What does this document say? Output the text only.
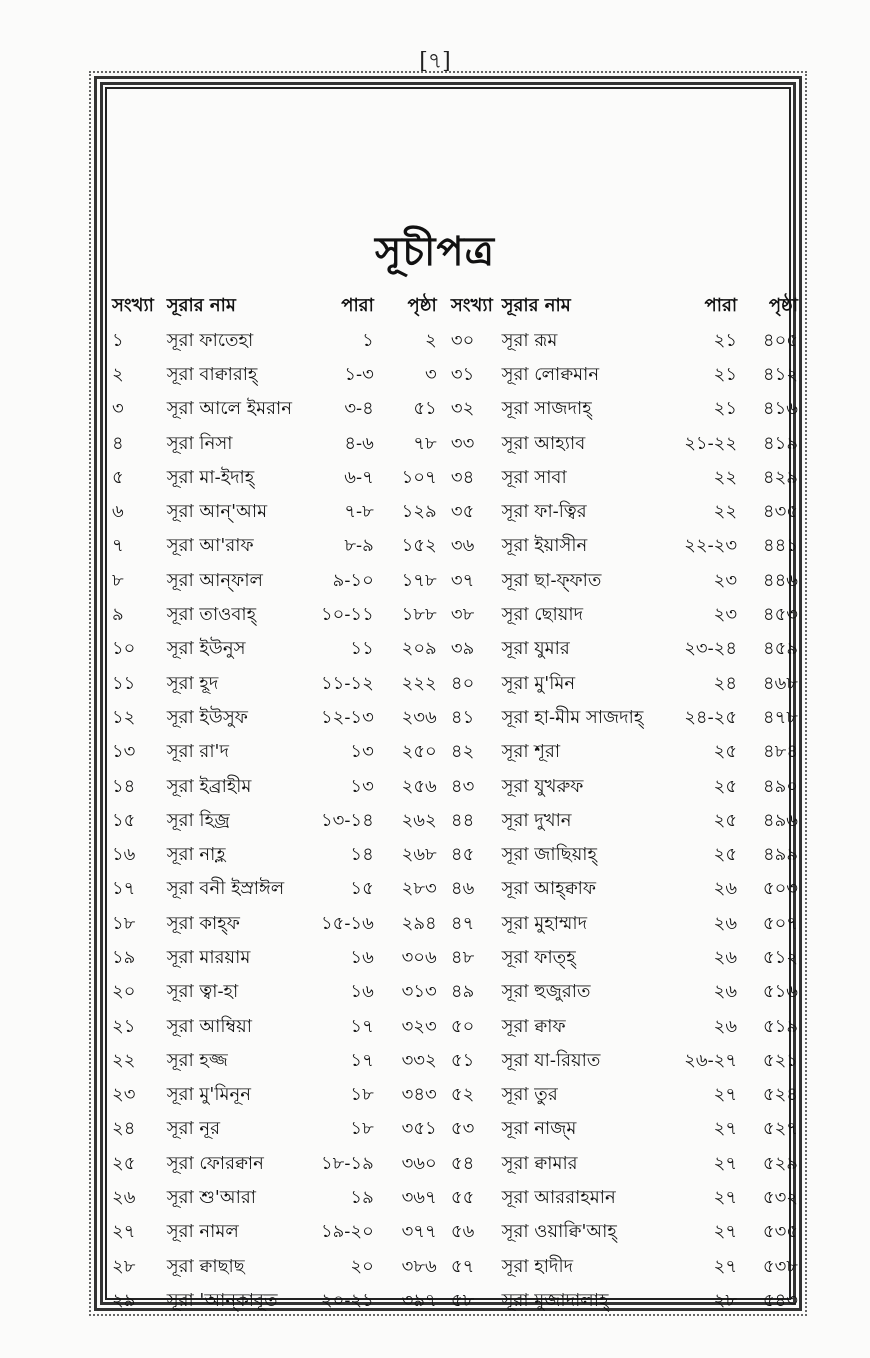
[৭]
সূচীপত্র
সংখ্যা	সূরার নাম	পারা	পৃষ্ঠা		সংখ্যা	সূরার নাম	পারা	পৃষ্ঠা
১	সূরা ফাতেহা	১	২		৩০	সূরা রূম	২১	৪০৫
২	সূরা বাক্বারাহ্	১-৩	৩		৩১	সূরা লোক্বমান	২১	৪১২
৩	সূরা আলে ইমরান	৩-৪	৫১		৩২	সূরা সাজদাহ্	২১	৪১৬
৪	সূরা নিসা	৪-৬	৭৮		৩৩	সূরা আহ্যাব	২১-২২	৪১৯
৫	সূরা মা-ইদাহ্	৬-৭	১০৭		৩৪	সূরা সাবা	২২	৪২৯
৬	সূরা আন্'আম	৭-৮	১২৯		৩৫	সূরা ফা-ত্বির	২২	৪৩৫
৭	সূরা আ'রাফ	৮-৯	১৫২		৩৬	সূরা ইয়াসীন	২২-২৩	৪৪১
৮	সূরা আন্ফাল	৯-১০	১৭৮		৩৭	সূরা ছা-ফ্ফাত	২৩	৪৪৬
৯	সূরা তাওবাহ্	১০-১১	১৮৮		৩৮	সূরা ছোয়াদ	২৩	৪৫৩
১০	সূরা ইউনুস	১১	২০৯		৩৯	সূরা যুমার	২৩-২৪	৪৫৯
১১	সূরা হূদ	১১-১২	২২২		৪০	সূরা মু'মিন	২৪	৪৬৮
১২	সূরা ইউসুফ	১২-১৩	২৩৬		৪১	সূরা হা-মীম সাজদাহ্	২৪-২৫	৪৭৮
১৩	সূরা রা'দ	১৩	২৫০		৪২	সূরা শূরা	২৫	৪৮৪
১৪	সূরা ইব্রাহীম	১৩	২৫৬		৪৩	সূরা যুখরুফ	২৫	৪৯০
১৫	সূরা হিজ্র	১৩-১৪	২৬২		৪৪	সূরা দুখান	২৫	৪৯৬
১৬	সূরা নাহ্ল	১৪	২৬৮		৪৫	সূরা জাছিয়াহ্	২৫	৪৯৯
১৭	সূরা বনী ইস্রাঈল	১৫	২৮৩		৪৬	সূরা আহ্ক্বাফ	২৬	৫০৩
১৮	সূরা কাহ্ফ	১৫-১৬	২৯৪		৪৭	সূরা মুহাম্মাদ	২৬	৫০৭
১৯	সূরা মারয়াম	১৬	৩০৬		৪৮	সূরা ফাত্হ্	২৬	৫১২
২০	সূরা ত্বা-হা	১৬	৩১৩		৪৯	সূরা হুজুরাত	২৬	৫১৬
২১	সূরা আম্বিয়া	১৭	৩২৩		৫০	সূরা ক্বাফ	২৬	৫১৯
২২	সূরা হজ্জ	১৭	৩৩২		৫১	সূরা যা-রিয়াত	২৬-২৭	৫২১
২৩	সূরা মু'মিনূন	১৮	৩৪৩		৫২	সূরা তুর	২৭	৫২৪
২৪	সূরা নূর	১৮	৩৫১		৫৩	সূরা নাজ্ম	২৭	৫২৭
২৫	সূরা ফোরক্বান	১৮-১৯	৩৬০		৫৪	সূরা ক্বামার	২৭	৫২৯
২৬	সূরা শু'আরা	১৯	৩৬৭		৫৫	সূরা আররাহমান	২৭	৫৩২
২৭	সূরা নামল	১৯-২০	৩৭৭		৫৬	সূরা ওয়াক্বি'আহ্	২৭	৫৩৫
২৮	সূরা ক্বাছাছ	২০	৩৮৬		৫৭	সূরা হাদীদ	২৭	৫৩৮
২৯	সূরা 'আন্কাবূত	২০-২১	৩৯৭		৫৮	সূরা মুজাদালাহ্	২৮	৫৪৩
